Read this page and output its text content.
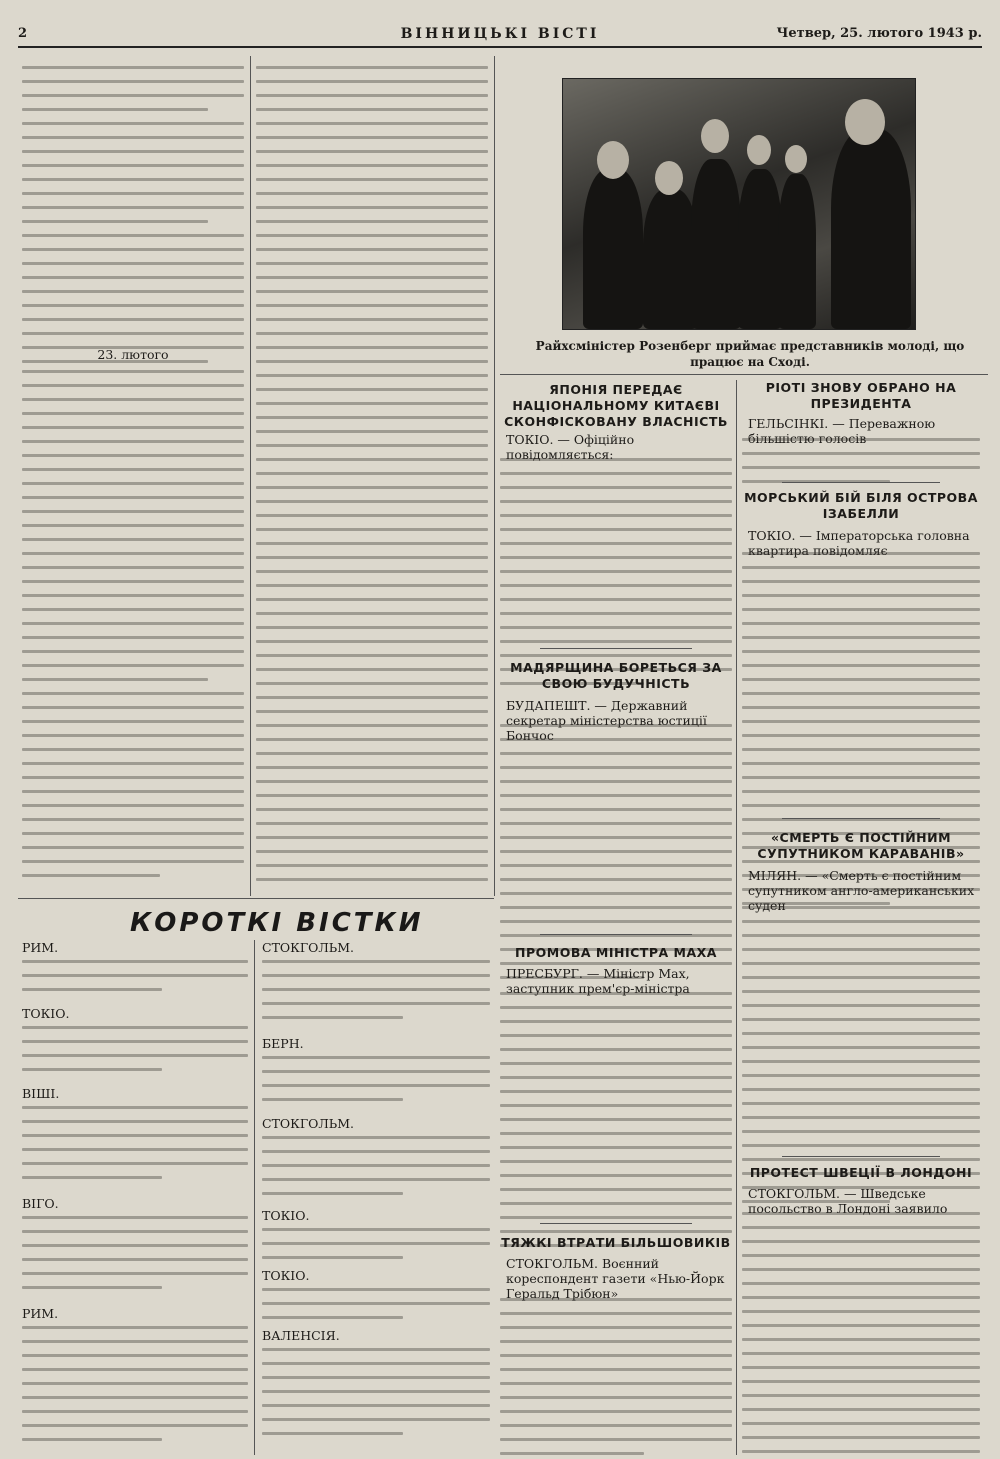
2	ВІННИЦЬКІ ВІСТІ	Четвер, 25. лютого 1943 р.
23. лютого
Райхсміністер Розенберг приймає представників молоді, що працює на Сході.
ЯПОНІЯ ПЕРЕДАЄ НАЦІОНАЛЬНОМУ КИТАЄВІ СКОНФІСКОВАНУ ВЛАСНІСТЬ
ТОКІО. — Офіційно повідомляється:
МАДЯРЩИНА БОРЕТЬСЯ ЗА СВОЮ БУДУЧНІСТЬ
БУДАПЕШТ. — Державний секретар міністерства юстиції Бончос
ПРОМОВА МІНІСТРА МАХА
ПРЕСБУРГ. — Міністр Мах, заступник прем'єр-міністра
ТЯЖКІ ВТРАТИ БІЛЬШОВИКІВ
СТОКГОЛЬМ. Воєнний кореспондент газети «Нью-Йорк Геральд Трібюн»
РІОТІ ЗНОВУ ОБРАНО НА ПРЕЗИДЕНТА
ГЕЛЬСІНКІ. — Переважною більшістю голосів
МОРСЬКИЙ БІЙ БІЛЯ ОСТРОВА ІЗАБЕЛЛИ
ТОКІО. — Імператорська головна квартира повідомляє
«СМЕРТЬ Є ПОСТІЙНИМ СУПУТНИКОМ КАРАВАНІВ»
МІЛЯН. — «Смерть є постійним супутником англо-американських суден
ПРОТЕСТ ШВЕЦІЇ В ЛОНДОНІ
СТОКГОЛЬМ. — Шведське посольство в Лондоні заявило
КОРОТКІ ВІСТКИ
РИМ.
ТОКІО.
ВІШІ.
ВІГО.
РИМ.
СТОКГОЛЬМ.
БЕРН.
СТОКГОЛЬМ.
ТОКІО.
ТОКІО.
ВАЛЕНСІЯ.
